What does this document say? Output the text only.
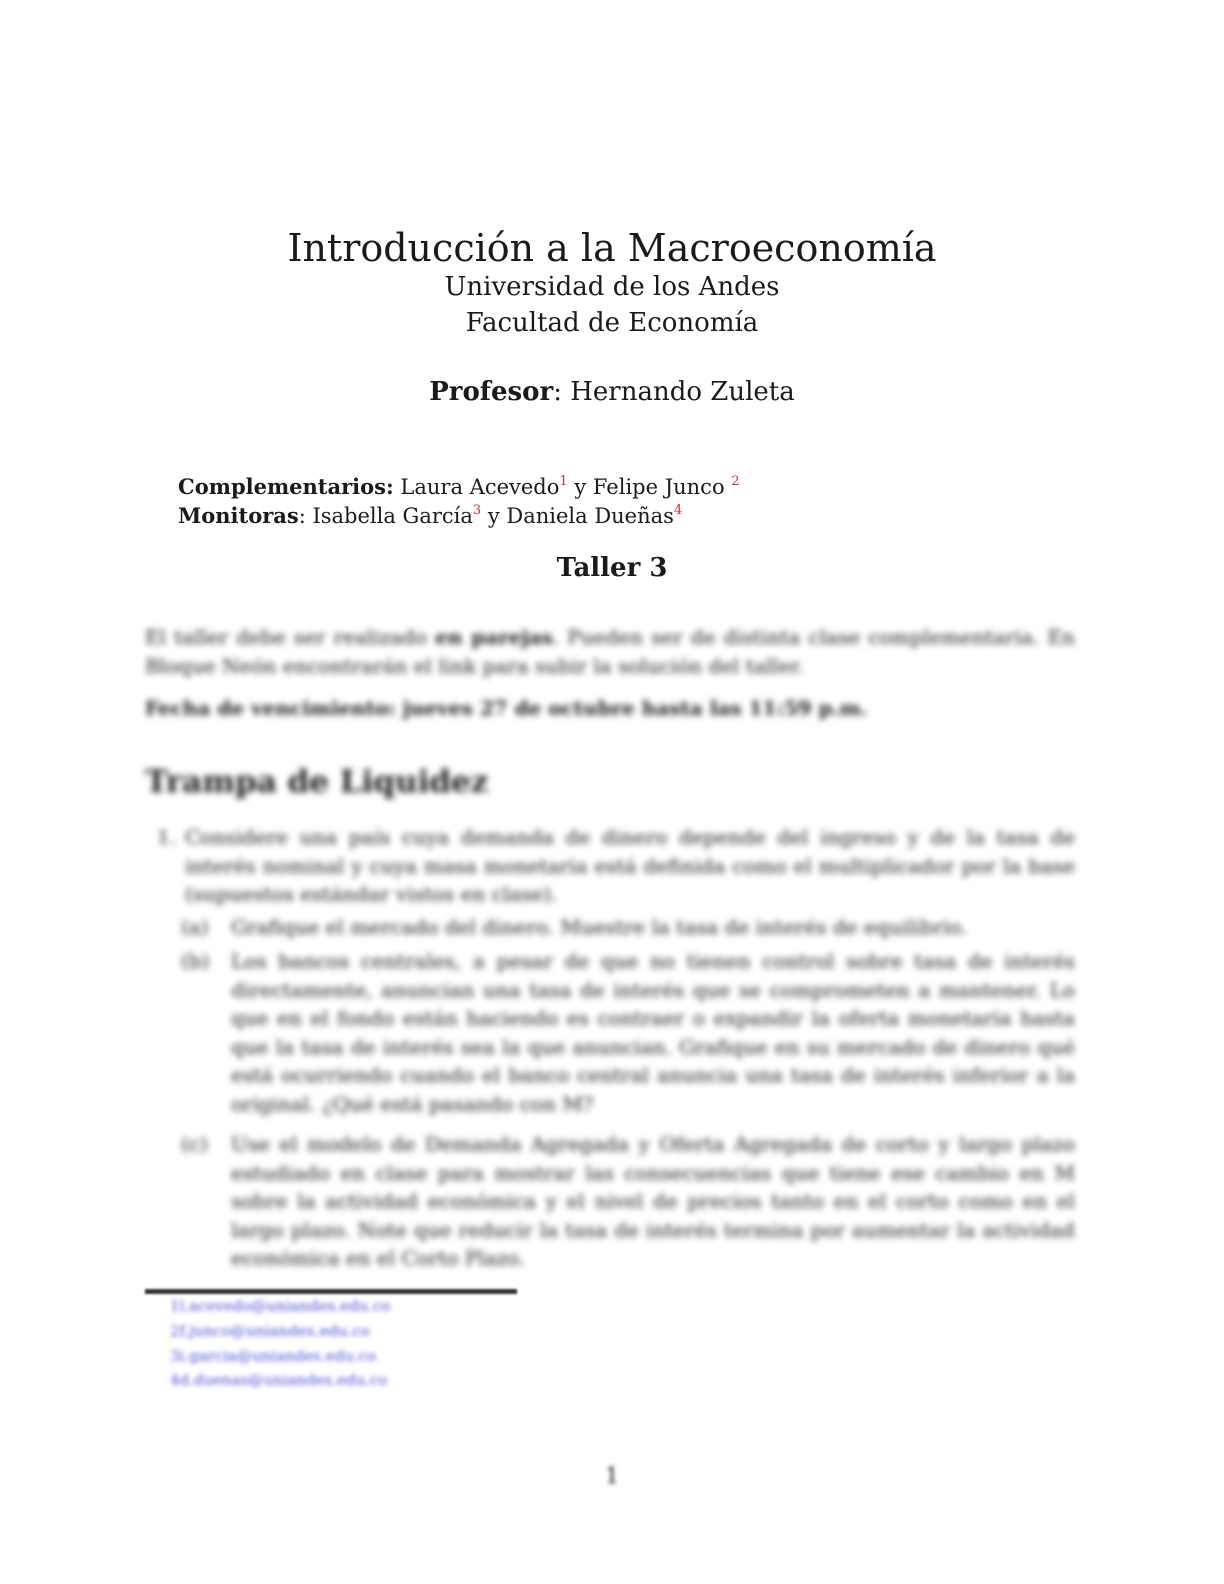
Introducción a la Macroeconomía
Universidad de los Andes
Facultad de Economía
Profesor: Hernando Zuleta
Complementarios: Laura Acevedo$^1$ y Felipe Junco $^2$
Monitoras: Isabella García$^3$ y Daniela Dueñas$^4$
Taller 3
El taller debe ser realizado en parejas. Pueden ser de distinta clase complementaria. En Bloque Neón encontrarán el link para subir la solución del taller.
Fecha de vencimiento: jueves 27 de octubre hasta las 11:59 p.m.
Trampa de Liquidez
1. Considere una país cuya demanda de dinero depende del ingreso y de la tasa de interés nominal y cuya masa monetaria está definida como el multiplicador por la base (supuestos estándar vistos en clase).
(a) Grafique el mercado del dinero. Muestre la tasa de interés de equilibrio.
(b) Los bancos centrales, a pesar de que no tienen control sobre tasa de interés directamente, anuncian una tasa de interés que se comprometen a mantener. Lo que en el fondo están haciendo es contraer o expandir la oferta monetaria hasta que la tasa de interés sea la que anuncian. Grafique en su mercado de dinero qué está ocurriendo cuando el banco central anuncia una tasa de interés inferior a la original. ¿Qué está pasando con M?
(c) Use el modelo de Demanda Agregada y Oferta Agregada de corto y largo plazo estudiado en clase para mostrar las consecuencias que tiene ese cambio en M sobre la actividad económica y el nivel de precios tanto en el corto como en el largo plazo. Note que reducir la tasa de interés termina por aumentar la actividad económica en el Corto Plazo.
1l.acevedo@uniandes.edu.co
2f.junco@uniandes.edu.co
3i.garcia@uniandes.edu.co
4d.duenas@uniandes.edu.co
1
